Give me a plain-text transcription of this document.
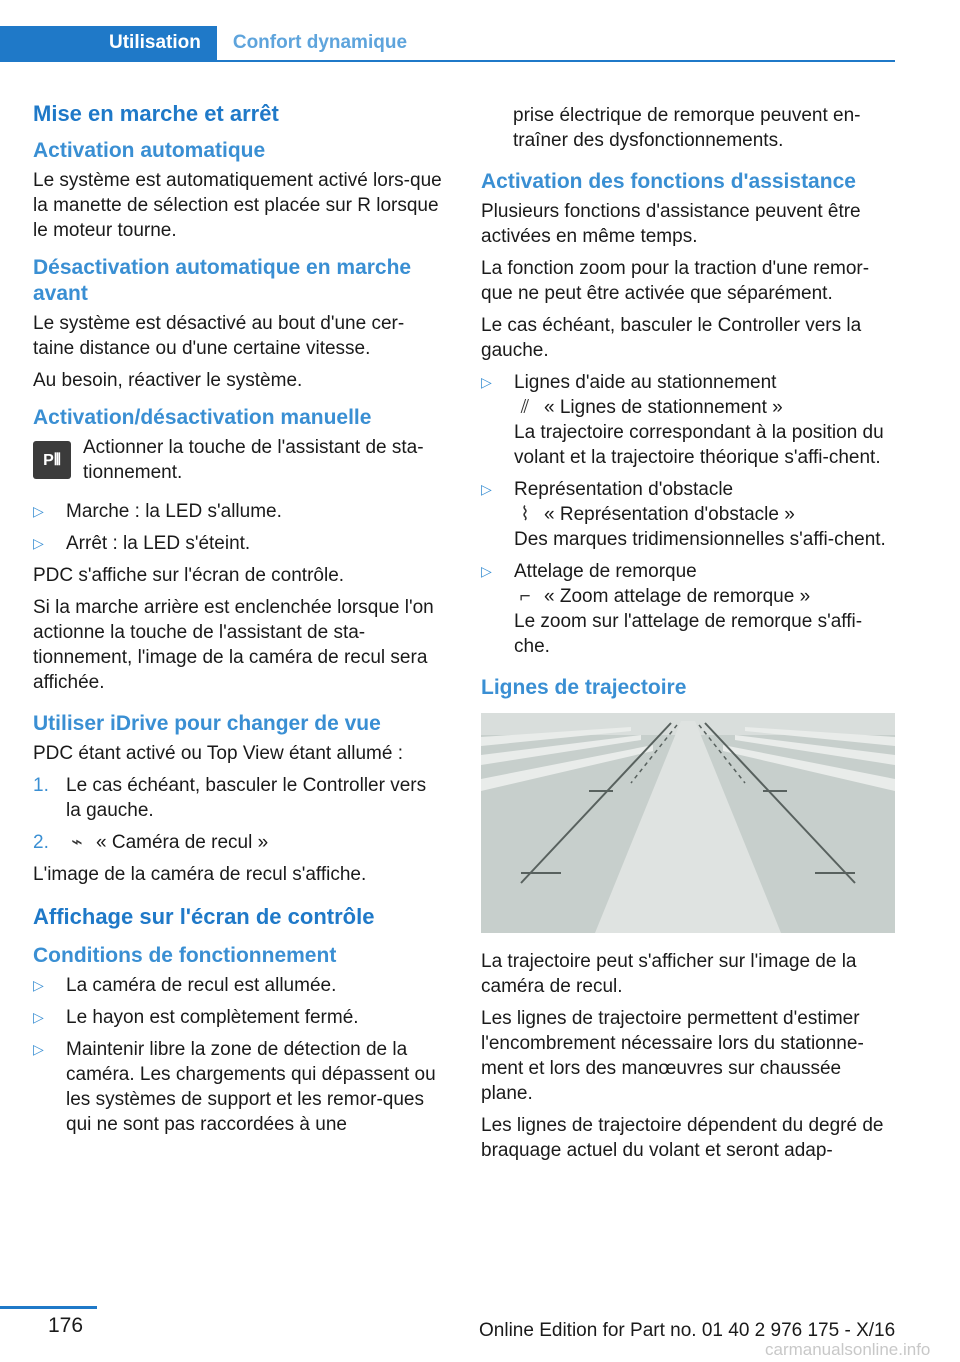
Utilisation	Confort dynamique
Mise en marche et arrêt
Activation automatique

Le système est automatiquement activé lors-que la manette de sélection est placée sur R lorsque le moteur tourne.

Désactivation automatique en marche avant

Le système est désactivé au bout d'une cer-taine distance ou d'une certaine vitesse.

Au besoin, réactiver le système.

Activation/désactivation manuelle
P⦀
Actionner la touche de l'assistant de sta-tionnement.
▷ Marche : la LED s'allume.
▷ Arrêt : la LED s'éteint.

PDC s'affiche sur l'écran de contrôle.

Si la marche arrière est enclenchée lorsque l'on actionne la touche de l'assistant de sta-tionnement, l'image de la caméra de recul sera affichée.

Utiliser iDrive pour changer de vue

PDC étant activé ou Top View étant allumé :

1. Le cas échéant, basculer le Controller vers la gauche.
2. ⌁ « Caméra de recul »

L'image de la caméra de recul s'affiche.

Affichage sur l'écran de contrôle
Conditions de fonctionnement
▷ La caméra de recul est allumée.
▷ Le hayon est complètement fermé.
▷ Maintenir libre la zone de détection de la caméra. Les chargements qui dépassent ou les systèmes de support et les remor-ques qui ne sont pas raccordées à une

prise électrique de remorque peuvent en-traîner des dysfonctionnements.

Activation des fonctions d'assistance

Plusieurs fonctions d'assistance peuvent être activées en même temps.

La fonction zoom pour la traction d'une remor-que ne peut être activée que séparément.

Le cas échéant, basculer le Controller vers la gauche.

▷ Lignes d'aide au stationnement
⫽ « Lignes de stationnement »
La trajectoire correspondant à la position du volant et la trajectoire théorique s'affi-chent.
▷ Représentation d'obstacle
⌇ « Représentation d'obstacle »
Des marques tridimensionnelles s'affi-chent.
▷ Attelage de remorque
⌐ « Zoom attelage de remorque »
Le zoom sur l'attelage de remorque s'affi-che.
Lignes de trajectoire

La trajectoire peut s'afficher sur l'image de la caméra de recul.

Les lignes de trajectoire permettent d'estimer l'encombrement nécessaire lors du stationne-ment et lors des manœuvres sur chaussée plane.

Les lignes de trajectoire dépendent du degré de braquage actuel du volant et seront adap-

176	Online Edition for Part no. 01 40 2 976 175 - X/16
carmanualsonline.info
